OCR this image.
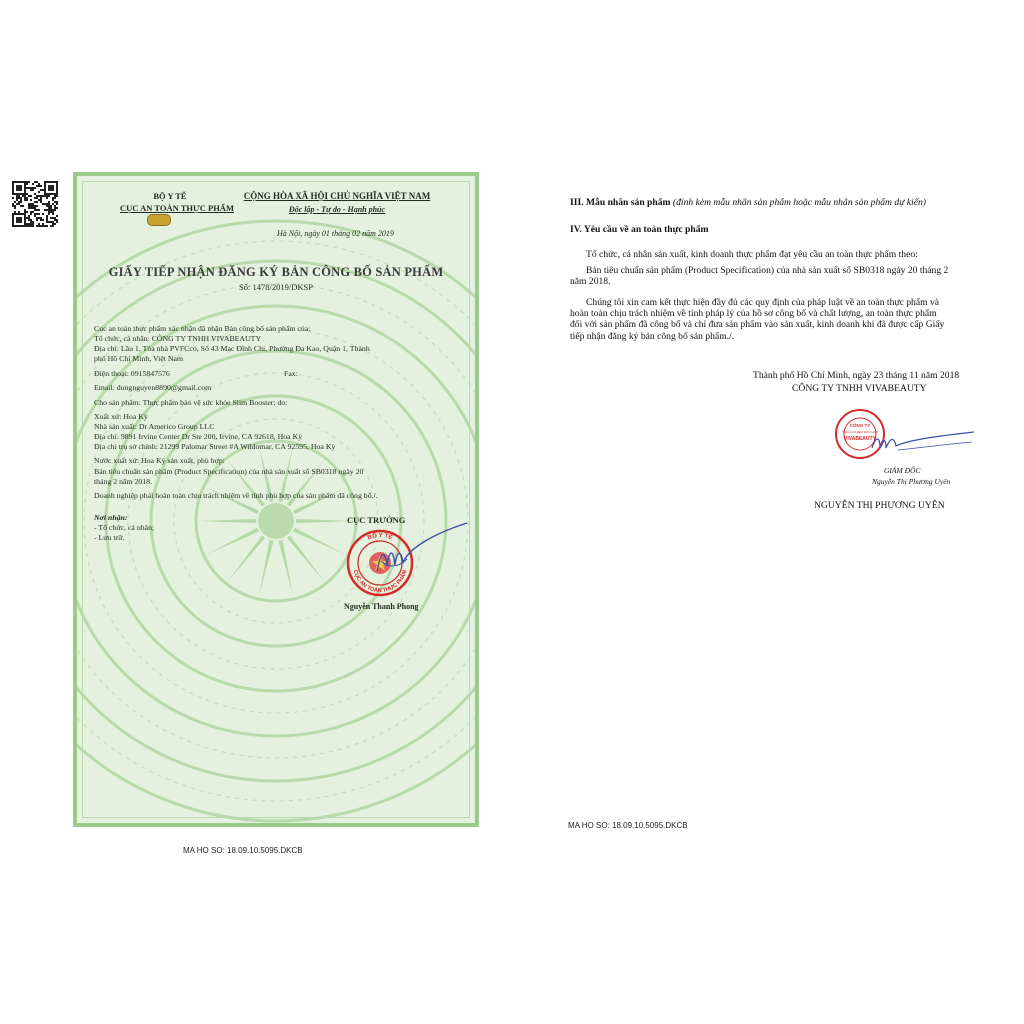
BỘ Y TẾ
CỤC AN TOÀN THỰC PHẨM
CỘNG HÒA XÃ HỘI CHỦ NGHĨA VIỆT NAM
Độc lập - Tự do - Hạnh phúc
Hà Nội, ngày 01 tháng 02 năm 2019
GIẤY TIẾP NHẬN ĐĂNG KÝ BẢN CÔNG BỐ SẢN PHẨM
Số: 1478/2019/DKSP
Cục an toàn thực phẩm xác nhận đã nhận Bản công bố sản phẩm của:
Tổ chức, cá nhân: CÔNG TY TNHH VIVABEAUTY
Địa chỉ: Lầu 1, Tòa nhà PVFCco, Số 43 Mạc Đĩnh Chi, Phường Đa Kao, Quận 1, Thành
phố Hồ Chí Minh, Việt Nam
Điện thoại: 0915847576	Fax:
Email: dungnguyen8890@gmail.com
Cho sản phẩm: Thực phẩm bảo vệ sức khỏe Slim Booster; do:
Xuất xứ: Hoa Kỳ
Nhà sản xuất: Dr Americo Group LLC
Địa chỉ: 9891 Irvine Center Dr Ste 200, Irvine, CA 92618, Hoa Kỳ
Địa chỉ trụ sở chính: 21299 Palomar Street #A Wildomar, CA 92595, Hoa Kỳ
Nước xuất xứ: Hoa Kỳ sản xuất, phù hợp:
Bản tiêu chuẩn sản phẩm (Product Specification) của nhà sản xuất số SB0318 ngày 20
tháng 2 năm 2018.
Doanh nghiệp phải hoàn toàn chịu trách nhiệm về tính phù hợp của sản phẩm đã công bố./.
Nơi nhận:
- Tổ chức, cá nhân;
- Lưu trữ.
CỤC TRƯỞNG
BỘ Y TẾ
CỤC AN TOÀN THỰC PHẨM
Nguyễn Thanh Phong
MA HO SO: 18.09.10.5095.DKCB
III. Mẫu nhãn sản phẩm (đính kèm mẫu nhãn sản phẩm hoặc mẫu nhãn sản phẩm dự kiến)
IV. Yêu cầu về an toàn thực phẩm
Tổ chức, cá nhân sản xuất, kinh doanh thực phẩm đạt yêu cầu an toàn thực phẩm theo:
Bản tiêu chuẩn sản phẩm (Product Specification) của nhà sản xuất số SB0318 ngày 20 tháng 2
năm 2018.
Chúng tôi xin cam kết thực hiện đầy đủ các quy định của pháp luật về an toàn thực phẩm và
hoàn toàn chịu trách nhiệm về tính pháp lý của hồ sơ công bố và chất lượng, an toàn thực phẩm
đối với sản phẩm đã công bố và chỉ đưa sản phẩm vào sản xuất, kinh doanh khi đã được cấp Giấy
tiếp nhận đăng ký bản công bố sản phẩm./.
Thành phố Hồ Chí Minh, ngày 23 tháng 11 năm 2018
CÔNG TY TNHH VIVABEAUTY
CÔNG TY
TRÁCH NHIỆM HỮU HẠN
VIVABEAUTY
GIÁM ĐỐC
Nguyễn Thị Phương Uyên
NGUYỄN THỊ PHƯƠNG UYÊN
MA HO SO: 18.09.10.5095.DKCB
